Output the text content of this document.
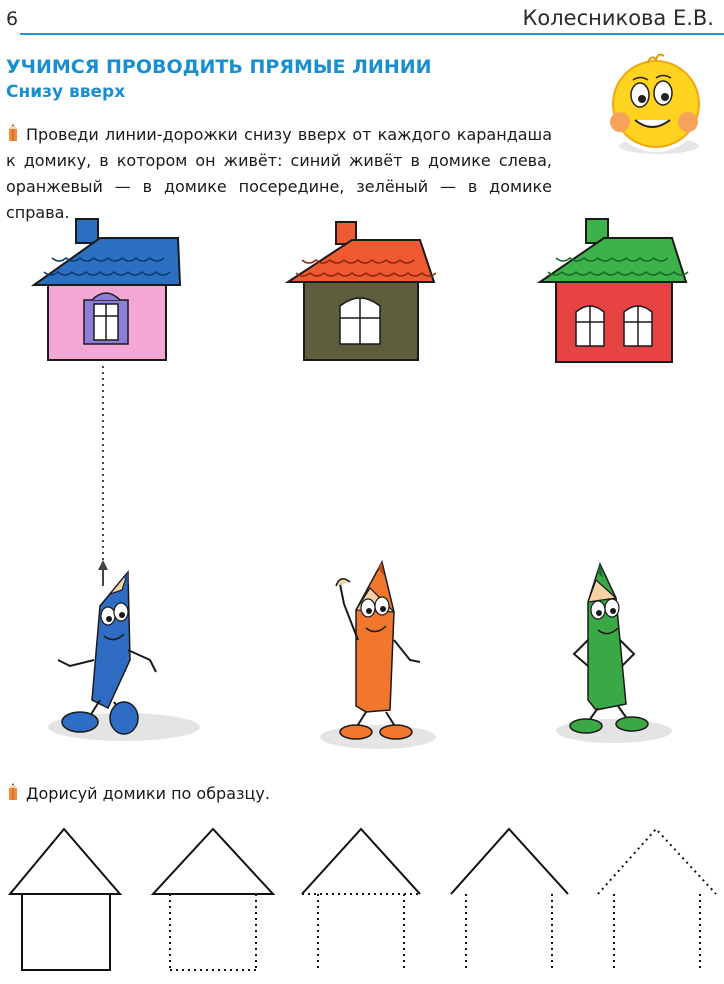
6	Колесникова Е.В.
УЧИМСЯ ПРОВОДИТЬ ПРЯМЫЕ ЛИНИИ
Снизу вверх
Проведи линии-дорожки снизу вверх от каждого карандаша к домику, в котором он живёт: синий живёт в домике слева, оранжевый — в домике посередине, зелёный — в домике справа.
Дорисуй домики по образцу.
